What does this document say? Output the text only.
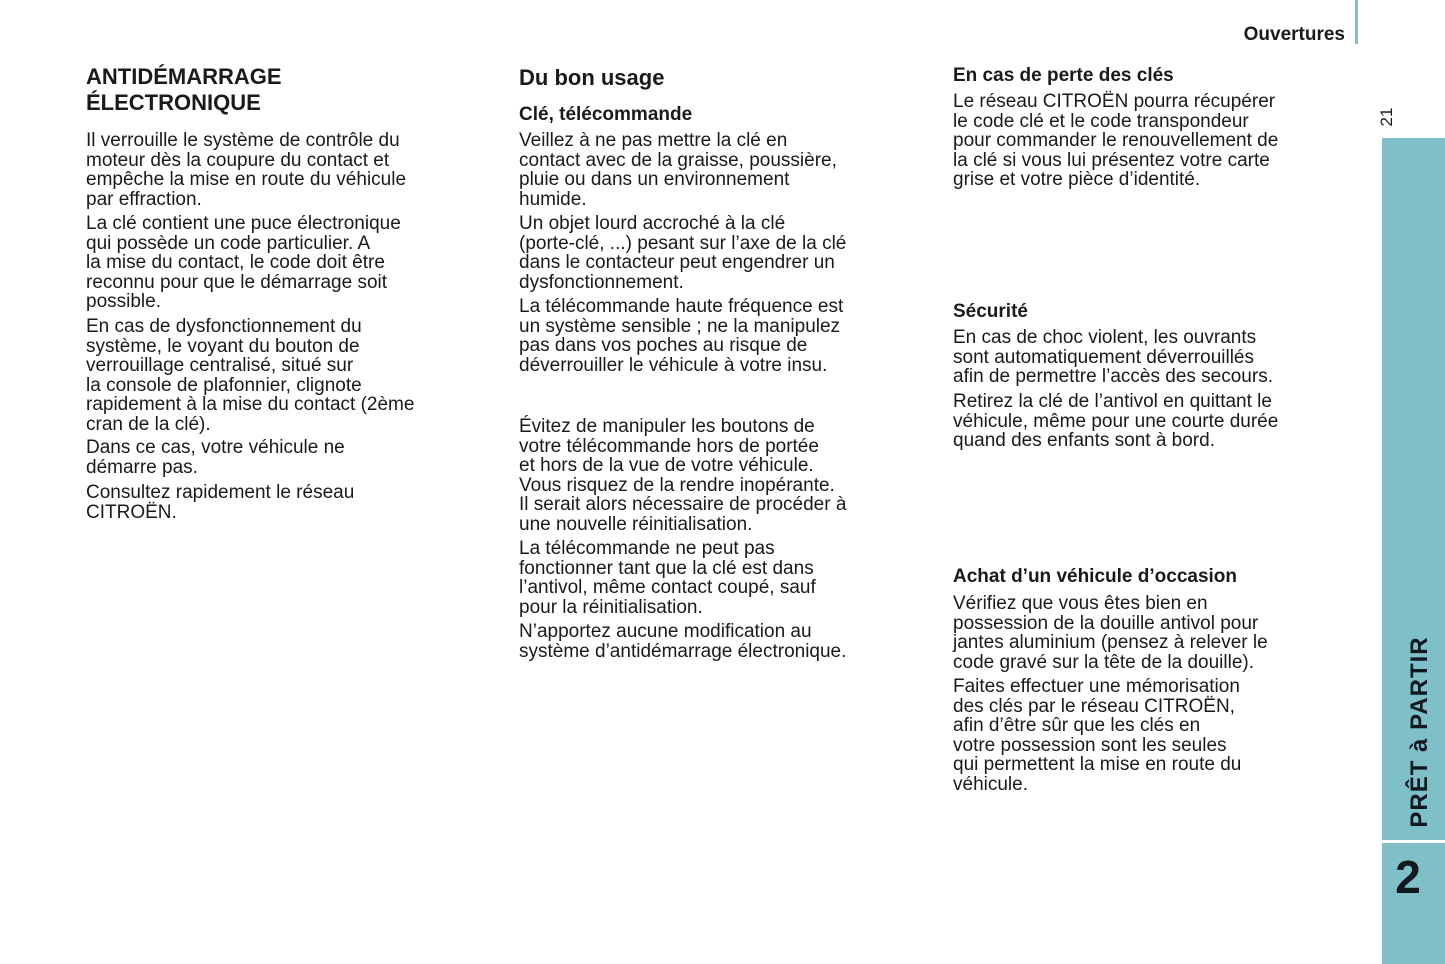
Ouvertures
21
PRÊT à PARTIR
2
ANTIDÉMARRAGE
ÉLECTRONIQUE

Il verrouille le système de contrôle du
moteur dès la coupure du contact et
empêche la mise en route du véhicule
par effraction.

La clé contient une puce électronique
qui possède un code particulier. A
la mise du contact, le code doit être
reconnu pour que le démarrage soit
possible.

En cas de dysfonctionnement du
système, le voyant du bouton de
verrouillage centralisé, situé sur
la console de plafonnier, clignote
rapidement à la mise du contact (2ème
cran de la clé).

Dans ce cas, votre véhicule ne
démarre pas.

Consultez rapidement le réseau
CITROËN.

Du bon usage
Clé, télécommande

Veillez à ne pas mettre la clé en
contact avec de la graisse, poussière,
pluie ou dans un environnement
humide.

Un objet lourd accroché à la clé
(porte-clé, ...) pesant sur l’axe de la clé
dans le contacteur peut engendrer un
dysfonctionnement.

La télécommande haute fréquence est
un système sensible ; ne la manipulez
pas dans vos poches au risque de
déverrouiller le véhicule à votre insu.

Évitez de manipuler les boutons de
votre télécommande hors de portée
et hors de la vue de votre véhicule.
Vous risquez de la rendre inopérante.
Il serait alors nécessaire de procéder à
une nouvelle réinitialisation.

La télécommande ne peut pas
fonctionner tant que la clé est dans
l’antivol, même contact coupé, sauf
pour la réinitialisation.

N’apportez aucune modification au
système d’antidémarrage électronique.

En cas de perte des clés

Le réseau CITROËN pourra récupérer
le code clé et le code transpondeur
pour commander le renouvellement de
la clé si vous lui présentez votre carte
grise et votre pièce d’identité.

Sécurité

En cas de choc violent, les ouvrants
sont automatiquement déverrouillés
afin de permettre l’accès des secours.

Retirez la clé de l’antivol en quittant le
véhicule, même pour une courte durée
quand des enfants sont à bord.

Achat d’un véhicule d’occasion

Vérifiez que vous êtes bien en
possession de la douille antivol pour
jantes aluminium (pensez à relever le
code gravé sur la tête de la douille).

Faites effectuer une mémorisation
des clés par le réseau CITROËN,
afin d’être sûr que les clés en
votre possession sont les seules
qui permettent la mise en route du
véhicule.
